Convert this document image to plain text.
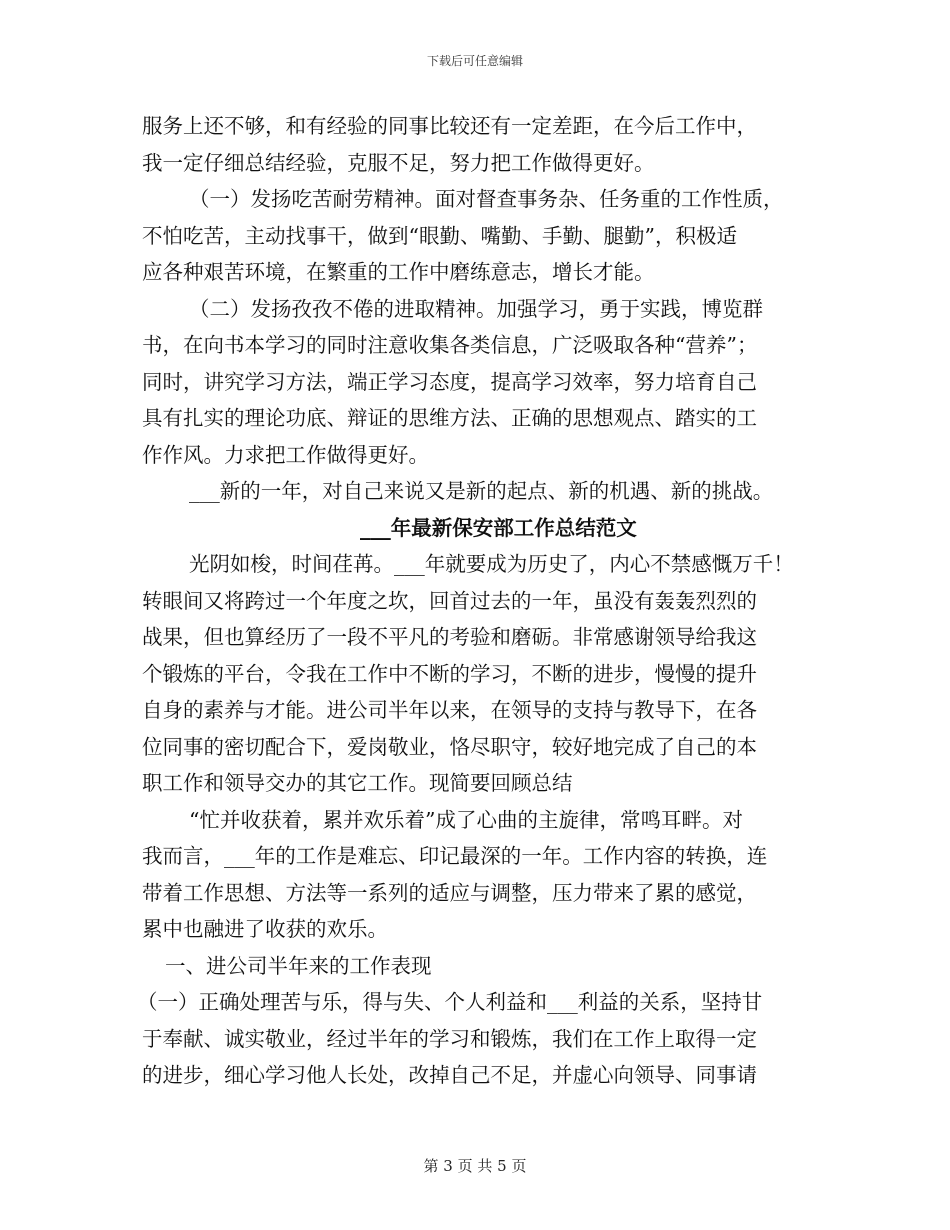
下载后可任意编辑
服务上还不够，和有经验的同事比较还有一定差距，在今后工作中，
我一定仔细总结经验，克服不足，努力把工作做得更好。
（一）发扬吃苦耐劳精神。面对督查事务杂、任务重的工作性质，
不怕吃苦，主动找事干，做到“眼勤、嘴勤、手勤、腿勤”，积极适
应各种艰苦环境，在繁重的工作中磨练意志，增长才能。
（二）发扬孜孜不倦的进取精神。加强学习，勇于实践，博览群
书，在向书本学习的同时注意收集各类信息，广泛吸取各种“营养”；
同时，讲究学习方法，端正学习态度，提高学习效率，努力培育自己
具有扎实的理论功底、辩证的思维方法、正确的思想观点、踏实的工
作作风。力求把工作做得更好。
___新的一年，对自己来说又是新的起点、新的机遇、新的挑战。
___年最新保安部工作总结范文
光阴如梭，时间荏苒。___年就要成为历史了，内心不禁感慨万千！
转眼间又将跨过一个年度之坎，回首过去的一年，虽没有轰轰烈烈的
战果，但也算经历了一段不平凡的考验和磨砺。非常感谢领导给我这
个锻炼的平台，令我在工作中不断的学习，不断的进步，慢慢的提升
自身的素养与才能。进公司半年以来，在领导的支持与教导下，在各
位同事的密切配合下，爱岗敬业，恪尽职守，较好地完成了自己的本
职工作和领导交办的其它工作。现简要回顾总结
“忙并收获着，累并欢乐着”成了心曲的主旋律，常鸣耳畔。对
我而言，___年的工作是难忘、印记最深的一年。工作内容的转换，连
带着工作思想、方法等一系列的适应与调整，压力带来了累的感觉，
累中也融进了收获的欢乐。
一、进公司半年来的工作表现
（一）正确处理苦与乐，得与失、个人利益和___利益的关系，坚持甘
于奉献、诚实敬业，经过半年的学习和锻炼，我们在工作上取得一定
的进步，细心学习他人长处，改掉自己不足，并虚心向领导、同事请
第 3 页 共 5 页
